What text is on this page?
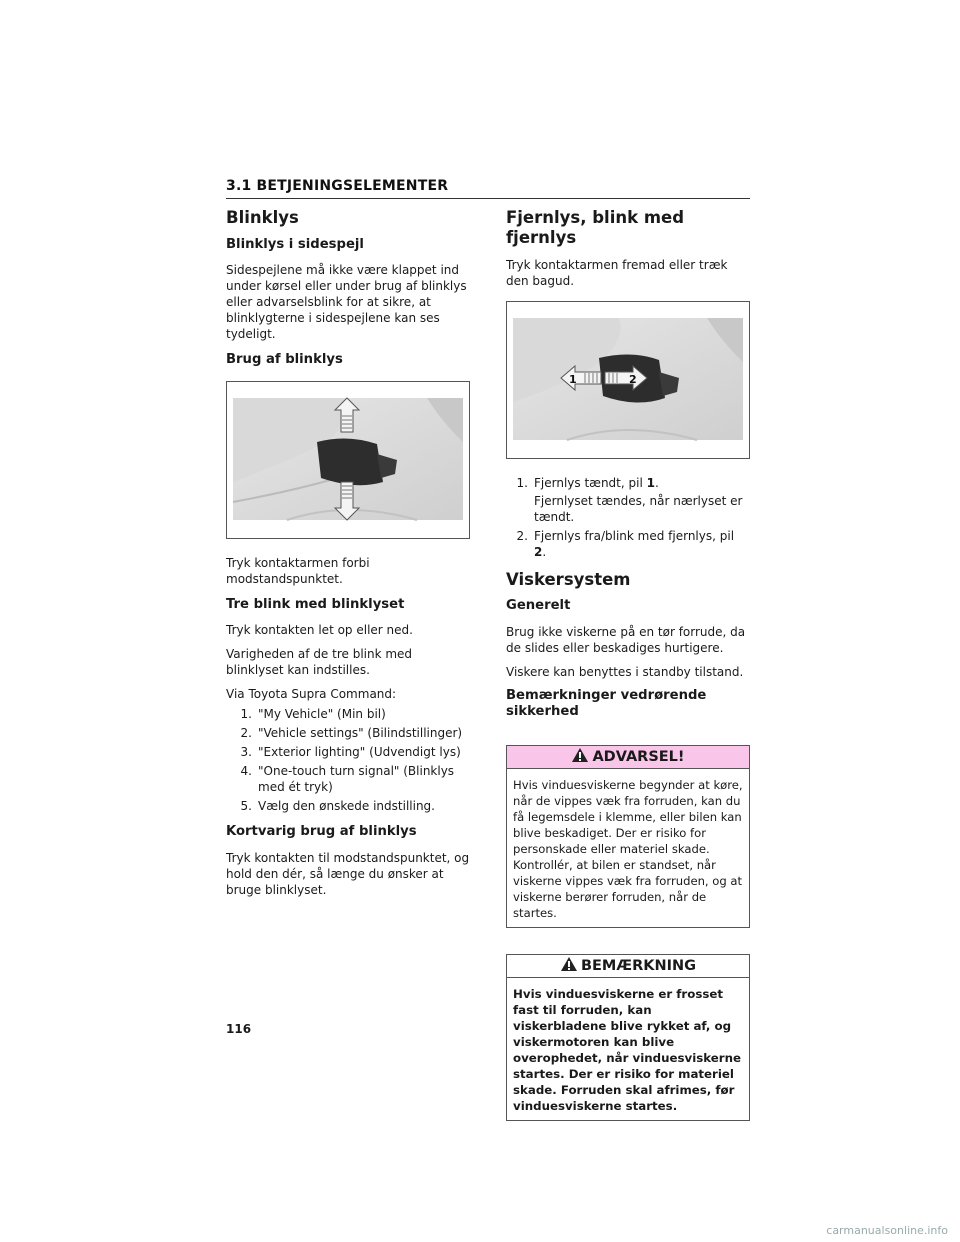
3.1 BETJENINGSELEMENTER
Blinklys
Blinklys i sidespejl

Sidespejlene må ikke være klappet ind under kørsel eller under brug af blinklys eller advarselsblink for at sikre, at blinklygterne i sidespejlene kan ses tydeligt.

Brug af blinklys

Tryk kontaktarmen forbi modstandspunktet.

Tre blink med blinklyset

Tryk kontakten let op eller ned.

Varigheden af de tre blink med blinklyset kan indstilles.

Via Toyota Supra Command:

1. "My Vehicle" (Min bil)
2. "Vehicle settings" (Bilindstillinger)
3. "Exterior lighting" (Udvendigt lys)
4. "One-touch turn signal" (Blinklys med ét tryk)
5. Vælg den ønskede indstilling.
Kortvarig brug af blinklys

Tryk kontakten til modstandspunktet, og hold den dér, så længe du ønsker at bruge blinklyset.

Fjernlys, blink med fjernlys

Tryk kontaktarmen fremad eller træk den bagud.

1	2
1. Fjernlys tændt, pil 1.
Fjernlyset tændes, når nærlyset er tændt.
2. Fjernlys fra/blink med fjernlys, pil 2.
Viskersystem
Generelt

Brug ikke viskerne på en tør forrude, da de slides eller beskadiges hurtigere.

Viskere kan benyttes i standby tilstand.

Bemærkninger vedrørende sikkerhed
ADVARSEL!
Hvis vinduesviskerne begynder at køre, når de vippes væk fra forruden, kan du få legemsdele i klemme, eller bilen kan blive beskadiget. Der er risiko for personskade eller materiel skade. Kontrollér, at bilen er standset, når viskerne vippes væk fra forruden, og at viskerne berører forruden, når de startes.
BEMÆRKNING
Hvis vinduesviskerne er frosset fast til forruden, kan viskerbladene blive rykket af, og viskermotoren kan blive overophedet, når vinduesviskerne startes. Der er risiko for materiel skade. Forruden skal afrimes, før vinduesviskerne startes.
116
carmanualsonline.info
